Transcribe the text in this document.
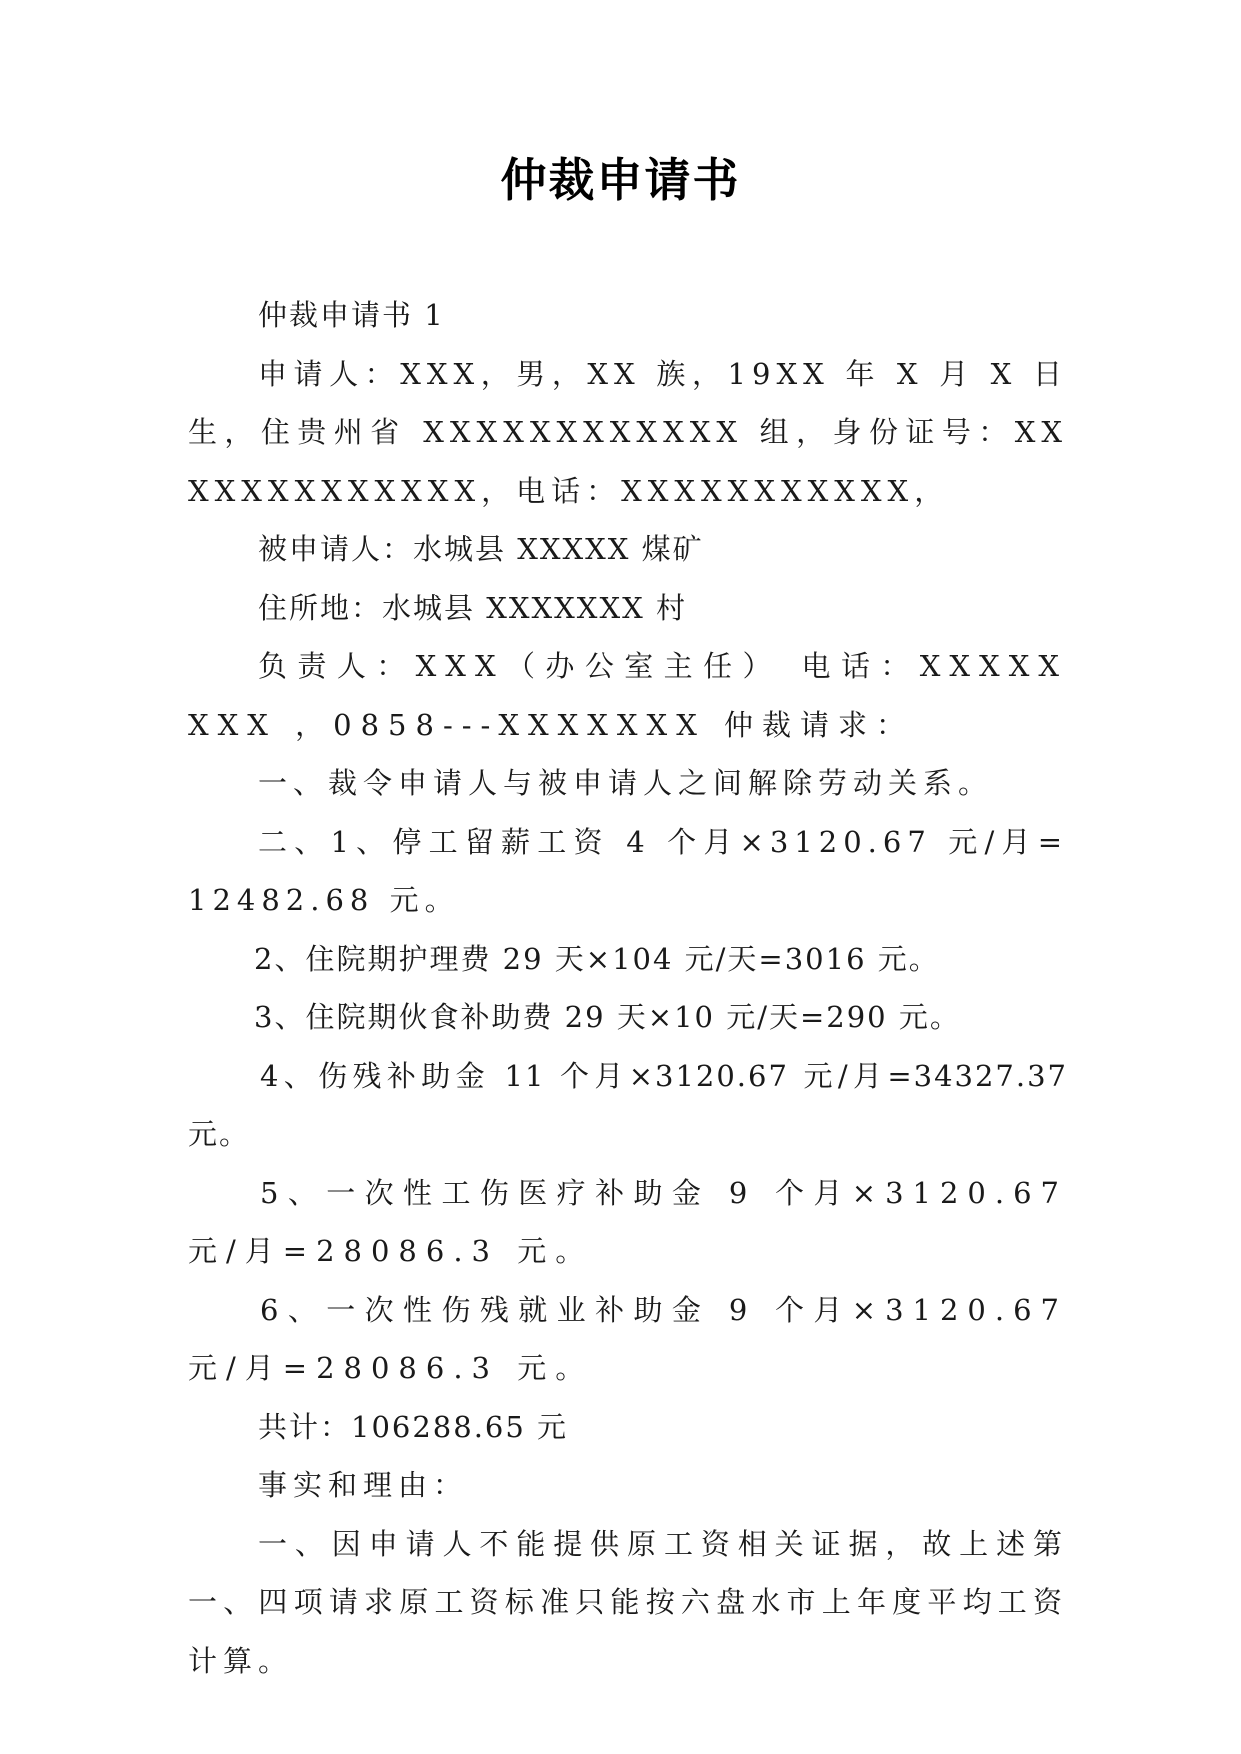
仲裁申请书

仲裁申请书 1

申请人：XXX，男，XX 族，19XX 年 X 月 X 日生，住贵州省 XXXXXXXXXXXX 组，身份证号：XXXXXXXXXXXXX，电话：XXXXXXXXXXX，

被申请人：水城县 XXXXX 煤矿

住所地：水城县 XXXXXXX 村

负责人：XXX（办公室主任） 电话：XXXXXXXX ，0858---XXXXXXX 仲裁请求：

一、裁令申请人与被申请人之间解除劳动关系。

二、1、停工留薪工资 4 个月×3120.67 元/月=12482.68 元。

2、住院期护理费 29 天×104 元/天=3016 元。

3、住院期伙食补助费 29 天×10 元/天=290 元。

4、伤残补助金 11 个月×3120.67 元/月=34327.37 元。

5、一次性工伤医疗补助金 9 个月×3120.67 元/月=28086.3 元。

6、一次性伤残就业补助金 9 个月×3120.67 元/月=28086.3 元。

共计：106288.65 元

事实和理由：

一、因申请人不能提供原工资相关证据，故上述第一、四项请求原工资标准只能按六盘水市上年度平均工资计算。
